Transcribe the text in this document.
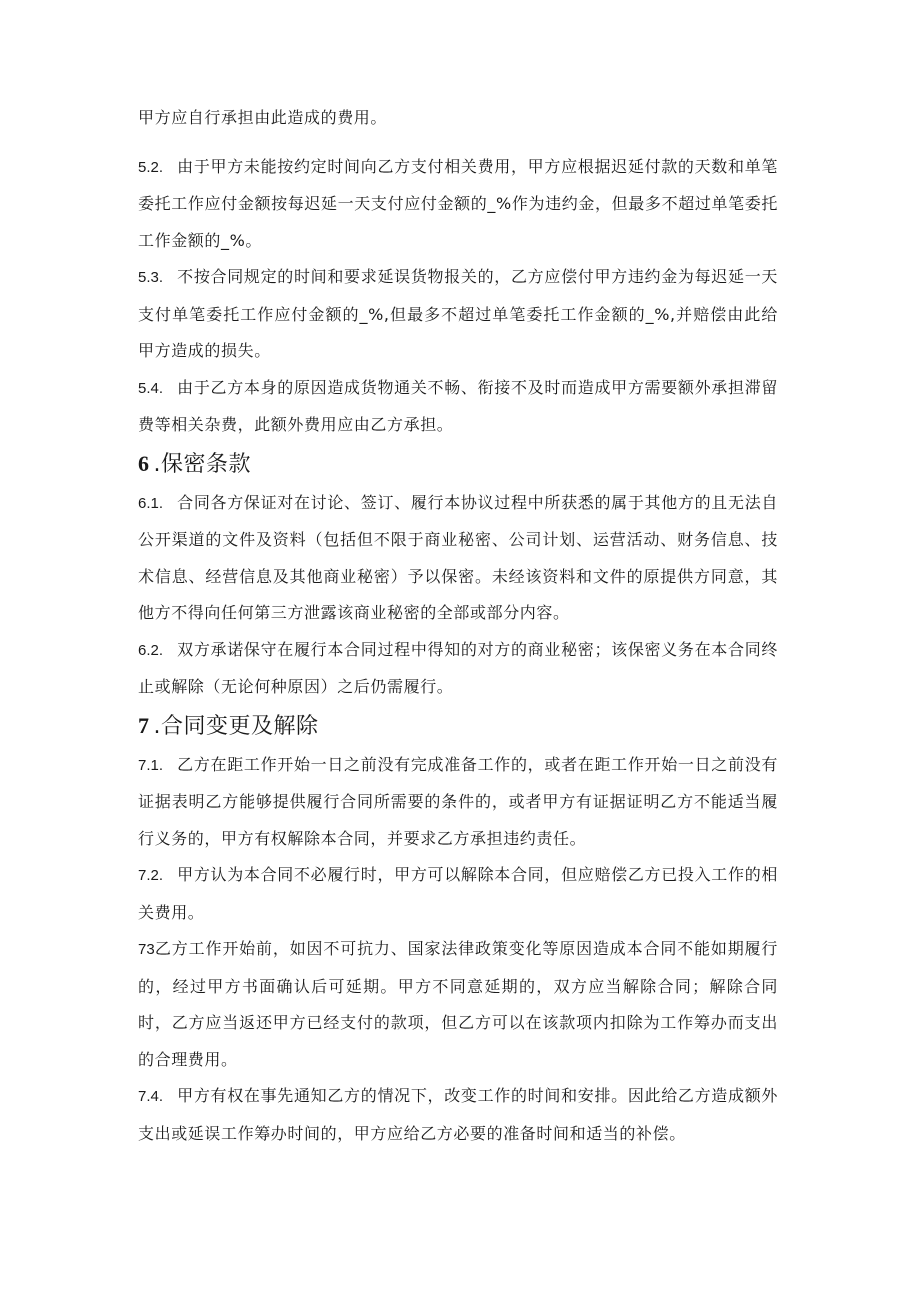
甲方应自行承担由此造成的费用。

5.2. 由于甲方未能按约定时间向乙方支付相关费用，甲方应根据迟延付款的天数和单笔委托工作应付金额按每迟延一天支付应付金额的_%作为违约金，但最多不超过单笔委托工作金额的_%。

5.3. 不按合同规定的时间和要求延误货物报关的，乙方应偿付甲方违约金为每迟延一天支付单笔委托工作应付金额的_%,但最多不超过单笔委托工作金额的_%,并赔偿由此给甲方造成的损失。

5.4. 由于乙方本身的原因造成货物通关不畅、衔接不及时而造成甲方需要额外承担滞留费等相关杂费，此额外费用应由乙方承担。

6 .保密条款

6.1. 合同各方保证对在讨论、签订、履行本协议过程中所获悉的属于其他方的且无法自公开渠道的文件及资料（包括但不限于商业秘密、公司计划、运营活动、财务信息、技术信息、经营信息及其他商业秘密）予以保密。未经该资料和文件的原提供方同意，其他方不得向任何第三方泄露该商业秘密的全部或部分内容。

6.2. 双方承诺保守在履行本合同过程中得知的对方的商业秘密；该保密义务在本合同终止或解除（无论何种原因）之后仍需履行。

7 .合同变更及解除

7.1. 乙方在距工作开始一日之前没有完成准备工作的，或者在距工作开始一日之前没有证据表明乙方能够提供履行合同所需要的条件的，或者甲方有证据证明乙方不能适当履行义务的，甲方有权解除本合同，并要求乙方承担违约责任。

7.2. 甲方认为本合同不必履行时，甲方可以解除本合同，但应赔偿乙方已投入工作的相关费用。

73乙方工作开始前，如因不可抗力、国家法律政策变化等原因造成本合同不能如期履行的，经过甲方书面确认后可延期。甲方不同意延期的，双方应当解除合同；解除合同时，乙方应当返还甲方已经支付的款项，但乙方可以在该款项内扣除为工作筹办而支出的合理费用。

7.4. 甲方有权在事先通知乙方的情况下，改变工作的时间和安排。因此给乙方造成额外支出或延误工作筹办时间的，甲方应给乙方必要的准备时间和适当的补偿。
